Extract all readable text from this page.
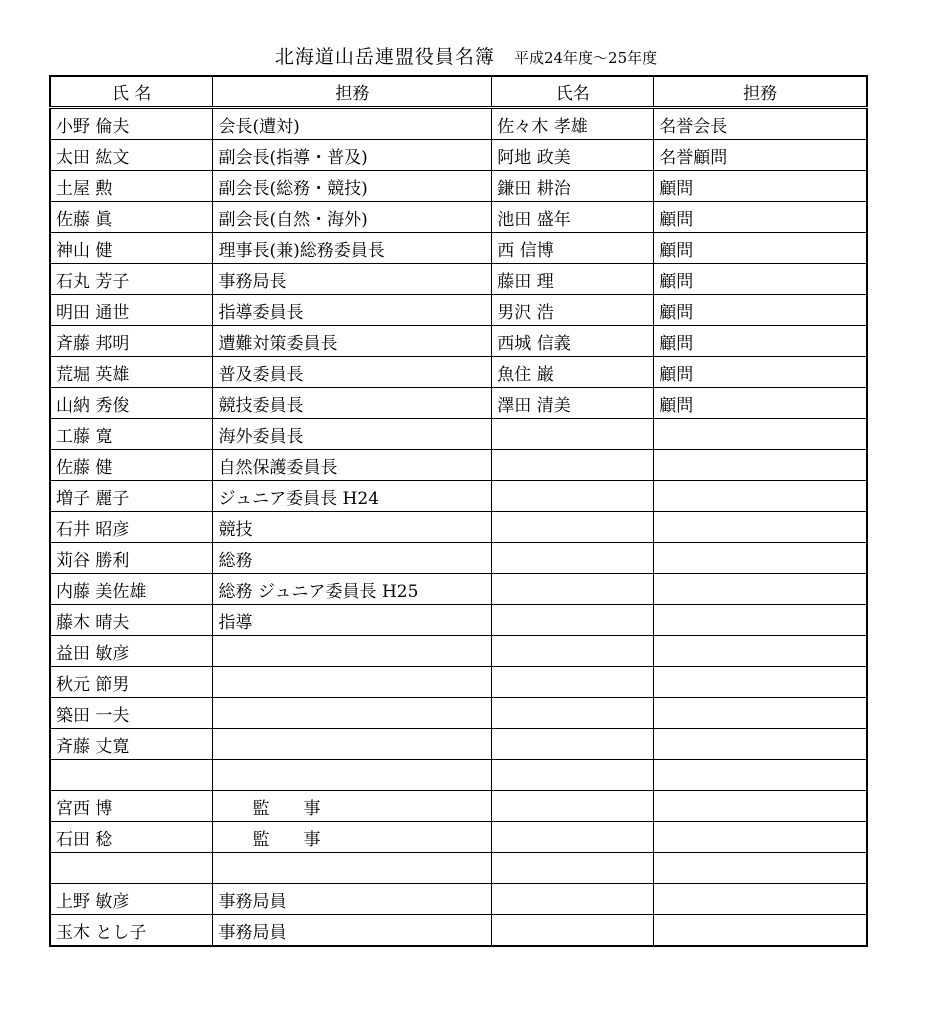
北海道山岳連盟役員名簿 平成24年度～25年度
氏 名	担務	氏名	担務
小野 倫夫	会長(遭対)	佐々木 孝雄	名誉会長
太田 紘文	副会長(指導・普及)	阿地 政美	名誉顧問
土屋 勲	副会長(総務・競技)	鎌田 耕治	顧問
佐藤 眞	副会長(自然・海外)	池田 盛年	顧問
神山 健	理事長(兼)総務委員長	西 信博	顧問
石丸 芳子	事務局長	藤田 理	顧問
明田 通世	指導委員長	男沢 浩	顧問
斉藤 邦明	遭難対策委員長	西城 信義	顧問
荒堀 英雄	普及委員長	魚住 巌	顧問
山納 秀俊	競技委員長	澤田 清美	顧問
工藤 寛	海外委員長		
佐藤 健	自然保護委員長		
増子 麗子	ジュニア委員長 H24		
石井 昭彦	競技		
苅谷 勝利	総務		
内藤 美佐雄	総務 ジュニア委員長 H25		
藤木 晴夫	指導		
益田 敏彦			
秋元 節男			
築田 一夫			
斉藤 丈寛			

宮西 博	　　監　　事		
石田 稔	　　監　　事		

上野 敏彦	事務局員		
玉木 とし子	事務局員		
